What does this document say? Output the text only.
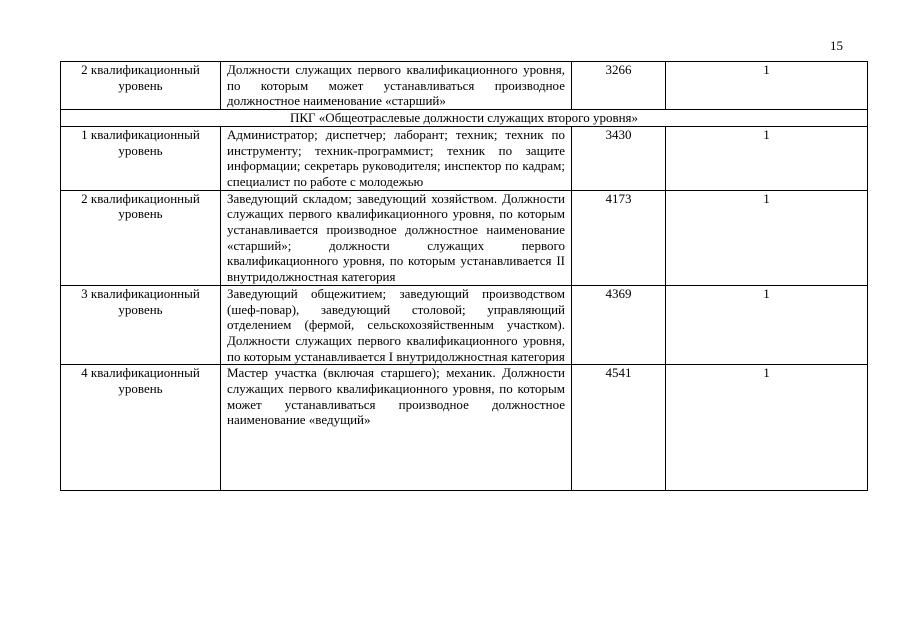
15
2 квалификационный уровень	Должности служащих первого квалификационного уровня, по которым может устанавливаться производное должностное наименование «старший»	3266	1
ПКГ «Общеотраслевые должности служащих второго уровня»			
1 квалификационный уровень	Администратор; диспетчер; лаборант; техник; техник по инструменту; техник-программист; техник по защите информации; секретарь руководителя; инспектор по кадрам; специалист по работе с молодежью	3430	1
2 квалификационный уровень	Заведующий складом; заведующий хозяйством. Должности служащих первого квалификационного уровня, по которым устанавливается производное должностное наименование «старший»; должности служащих первого квалификационного уровня, по которым устанавливается II внутридолжностная категория	4173	1
3 квалификационный уровень	Заведующий общежитием; заведующий производством (шеф-повар), заведующий столовой; управляющий отделением (фермой, сельскохозяйственным участком). Должности служащих первого квалификационного уровня, по которым устанавливается I внутридолжностная категория	4369	1
4 квалификационный уровень	Мастер участка (включая старшего); механик. Должности служащих первого квалификационного уровня, по которым может устанавливаться производное должностное наименование «ведущий»	4541	1
